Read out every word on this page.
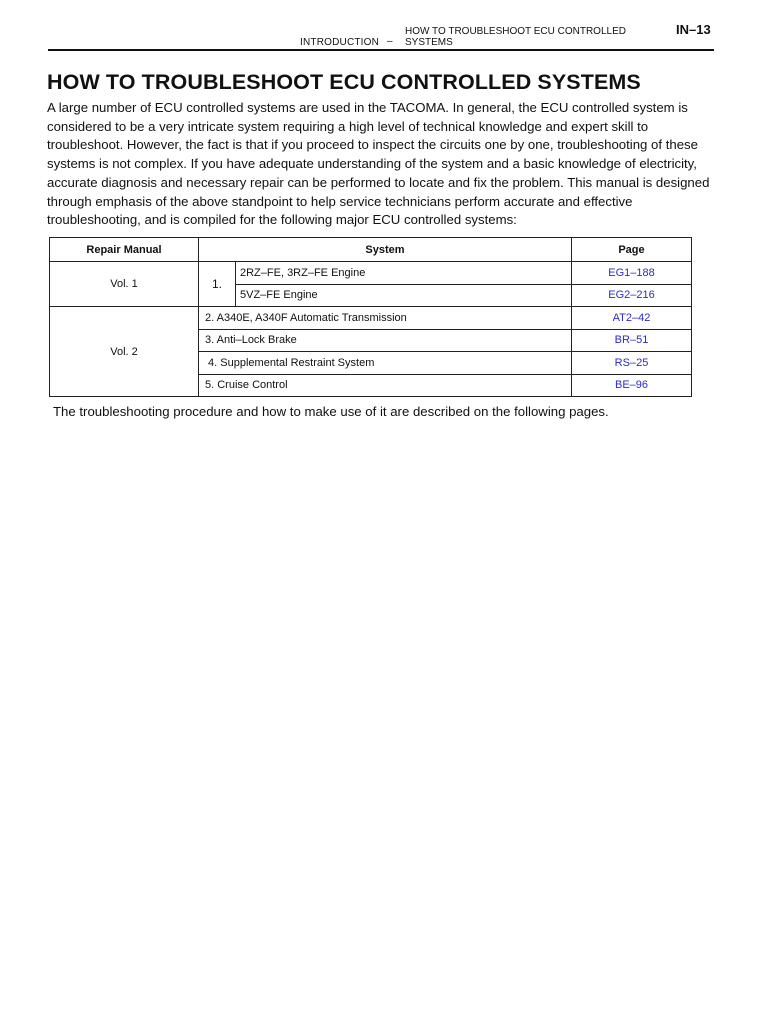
INTRODUCTION –
HOW TO TROUBLESHOOT ECU CONTROLLED
SYSTEMS
IN–13
HOW TO TROUBLESHOOT ECU CONTROLLED SYSTEMS

A large number of ECU controlled systems are used in the TACOMA. In general, the ECU controlled system is considered to be a very intricate system requiring a high level of technical knowledge and expert skill to troubleshoot. However, the fact is that if you proceed to inspect the circuits one by one, troubleshooting of these systems is not complex. If you have adequate understanding of the system and a basic knowledge of electricity, accurate diagnosis and necessary repair can be performed to locate and fix the problem. This manual is designed through emphasis of the above standpoint to help service technicians perform accurate and effective troubleshooting, and is compiled for the following major ECU controlled systems:

Repair Manual	System		Page
Vol. 1	1.	2RZ–FE, 3RZ–FE Engine	EG1–188
		5VZ–FE Engine	EG2–216
Vol. 2	2. A340E, A340F Automatic Transmission		AT2–42
	3. Anti–Lock Brake		BR–51
	4. Supplemental Restraint System		RS–25
	5. Cruise Control		BE–96

The troubleshooting procedure and how to make use of it are described on the following pages.
